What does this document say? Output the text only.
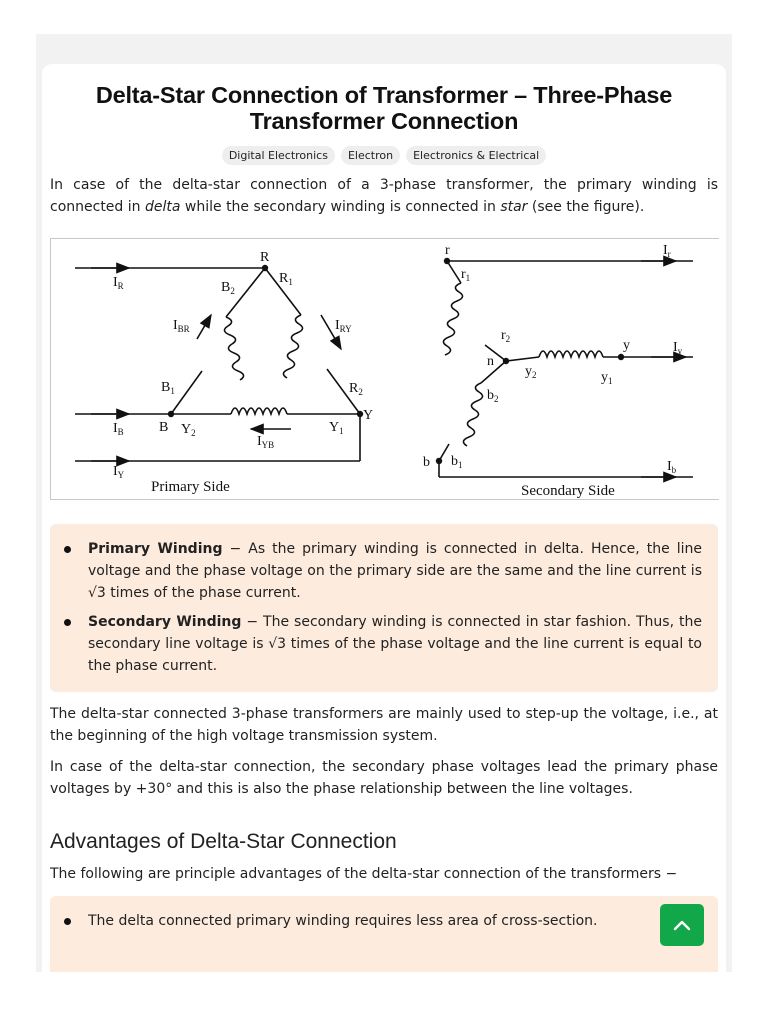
Delta-Star Connection of Transformer – Three-Phase Transformer Connection
Digital Electronics	Electron	Electronics & Electrical

In case of the delta-star connection of a 3-phase transformer, the primary winding is connected in delta while the secondary winding is connected in star (see the figure).

R
$R_1$
$R_2$
$B_2$
$B_1$
B $Y_2$	$Y_1$
Y
$I_R$
$I_B$
$I_Y$
$I_{BR}$	$I_{RY}$
$I_{YB}$
Primary Side
r
$r_1$
$r_2$
n
$y_2$	$y_1$
y
$b_2$
$b_1$
b
$I_r$
$I_y$
$I_b$
Secondary Side
Primary Winding − As the primary winding is connected in delta. Hence, the line voltage and the phase voltage on the primary side are the same and the line current is √3 times of the phase current.
Secondary Winding − The secondary winding is connected in star fashion. Thus, the secondary line voltage is √3 times of the phase voltage and the line current is equal to the phase current.

The delta-star connected 3-phase transformers are mainly used to step-up the voltage, i.e., at the beginning of the high voltage transmission system.

In case of the delta-star connection, the secondary phase voltages lead the primary phase voltages by +30° and this is also the phase relationship between the line voltages.

Advantages of Delta-Star Connection

The following are principle advantages of the delta-star connection of the transformers −

The delta connected primary winding requires less area of cross-section.
